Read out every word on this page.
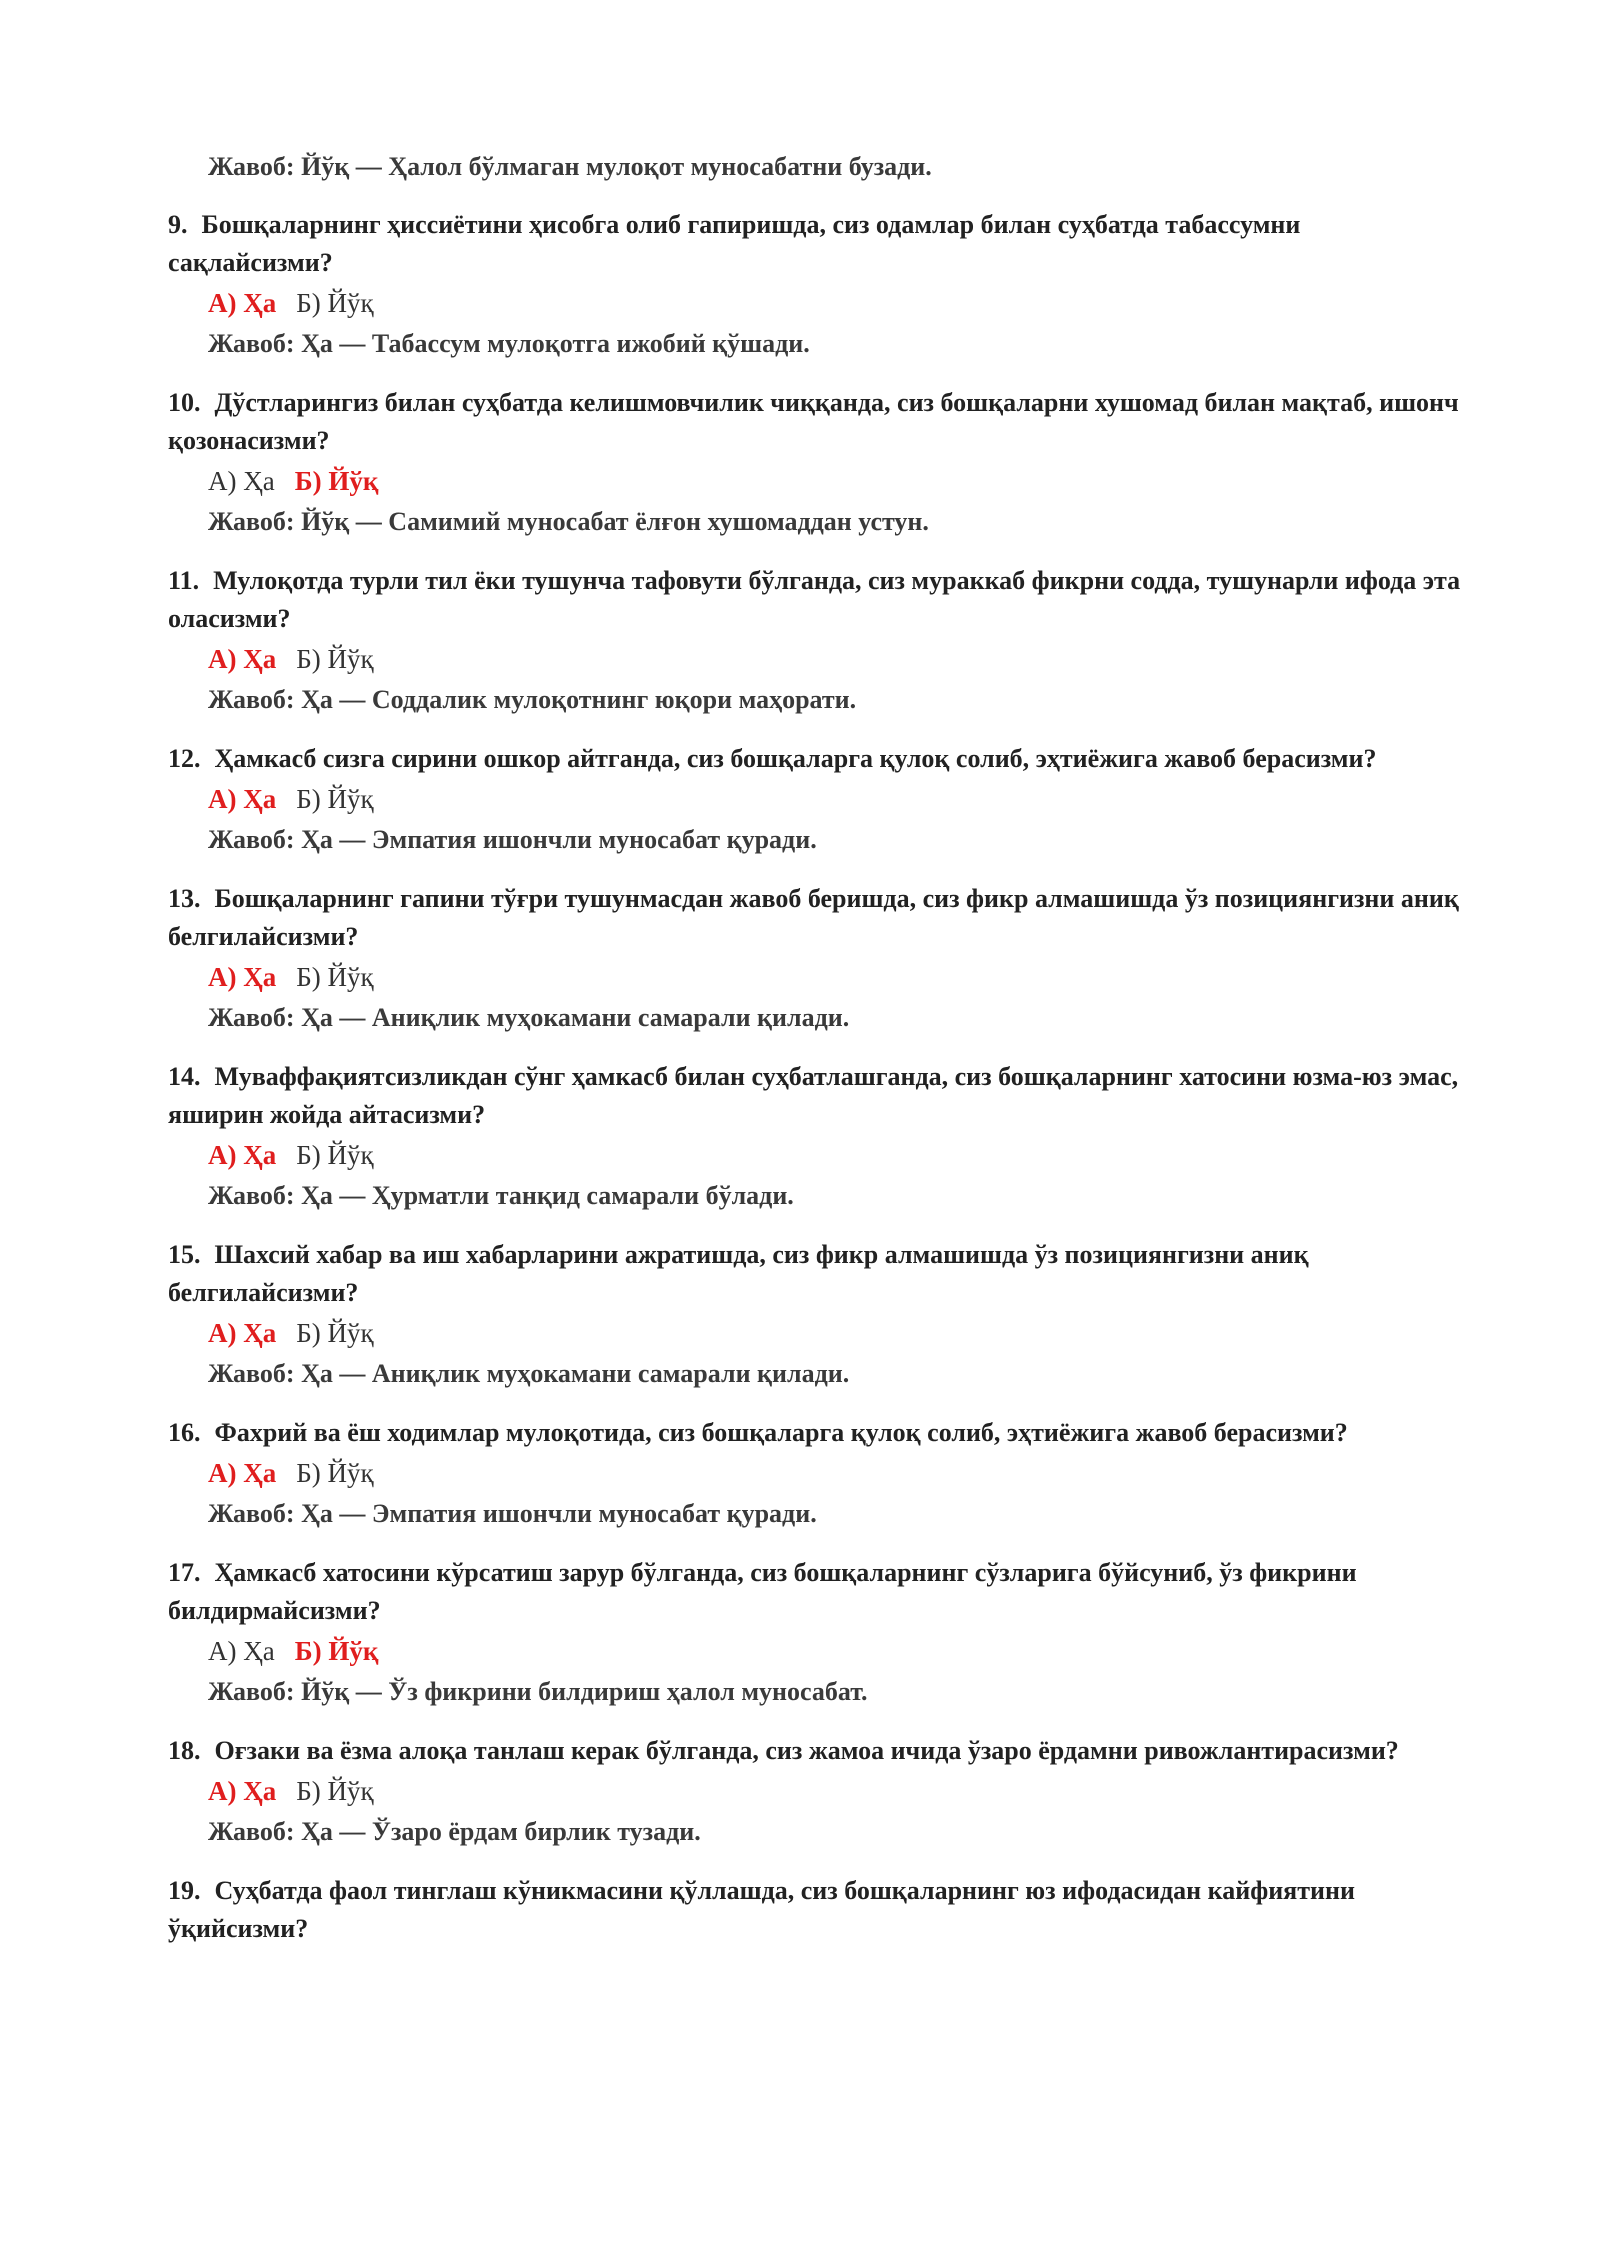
Жавоб: Йўқ — Ҳалол бўлмаган мулоқот муносабатни бузади.
9. Бошқаларнинг ҳиссиётини ҳисобга олиб гапиришда, сиз одамлар билан суҳбатда табассумни сақлайсизми?
А) Ҳа Б) Йўқ
Жавоб: Ҳа — Табассум мулоқотга ижобий қўшади.
10. Дўстларингиз билан суҳбатда келишмовчилик чиққанда, сиз бошқаларни хушомад билан мақтаб, ишонч қозонасизми?
А) Ҳа Б) Йўқ
Жавоб: Йўқ — Самимий муносабат ёлғон хушомаддан устун.
11. Мулоқотда турли тил ёки тушунча тафовути бўлганда, сиз мураккаб фикрни содда, тушунарли ифода эта оласизми?
А) Ҳа Б) Йўқ
Жавоб: Ҳа — Соддалик мулоқотнинг юқори маҳорати.
12. Ҳамкасб сизга сирини ошкор айтганда, сиз бошқаларга қулоқ солиб, эҳтиёжига жавоб берасизми?
А) Ҳа Б) Йўқ
Жавоб: Ҳа — Эмпатия ишончли муносабат қуради.
13. Бошқаларнинг гапини тўғри тушунмасдан жавоб беришда, сиз фикр алмашишда ўз позициянгизни аниқ белгилайсизми?
А) Ҳа Б) Йўқ
Жавоб: Ҳа — Аниқлик муҳокамани самарали қилади.
14. Муваффақиятсизликдан сўнг ҳамкасб билан суҳбатлашганда, сиз бошқаларнинг хатосини юзма-юз эмас, яширин жойда айтасизми?
А) Ҳа Б) Йўқ
Жавоб: Ҳа — Ҳурматли танқид самарали бўлади.
15. Шахсий хабар ва иш хабарларини ажратишда, сиз фикр алмашишда ўз позициянгизни аниқ белгилайсизми?
А) Ҳа Б) Йўқ
Жавоб: Ҳа — Аниқлик муҳокамани самарали қилади.
16. Фахрий ва ёш ходимлар мулоқотида, сиз бошқаларга қулоқ солиб, эҳтиёжига жавоб берасизми?
А) Ҳа Б) Йўқ
Жавоб: Ҳа — Эмпатия ишончли муносабат қуради.
17. Ҳамкасб хатосини кўрсатиш зарур бўлганда, сиз бошқаларнинг сўзларига бўйсуниб, ўз фикрини билдирмайсизми?
А) Ҳа Б) Йўқ
Жавоб: Йўқ — Ўз фикрини билдириш ҳалол муносабат.
18. Оғзаки ва ёзма алоқа танлаш керак бўлганда, сиз жамоа ичида ўзаро ёрдамни ривожлантирасизми?
А) Ҳа Б) Йўқ
Жавоб: Ҳа — Ўзаро ёрдам бирлик тузади.
19. Суҳбатда фаол тинглаш кўникмасини қўллашда, сиз бошқаларнинг юз ифодасидан кайфиятини ўқийсизми?
